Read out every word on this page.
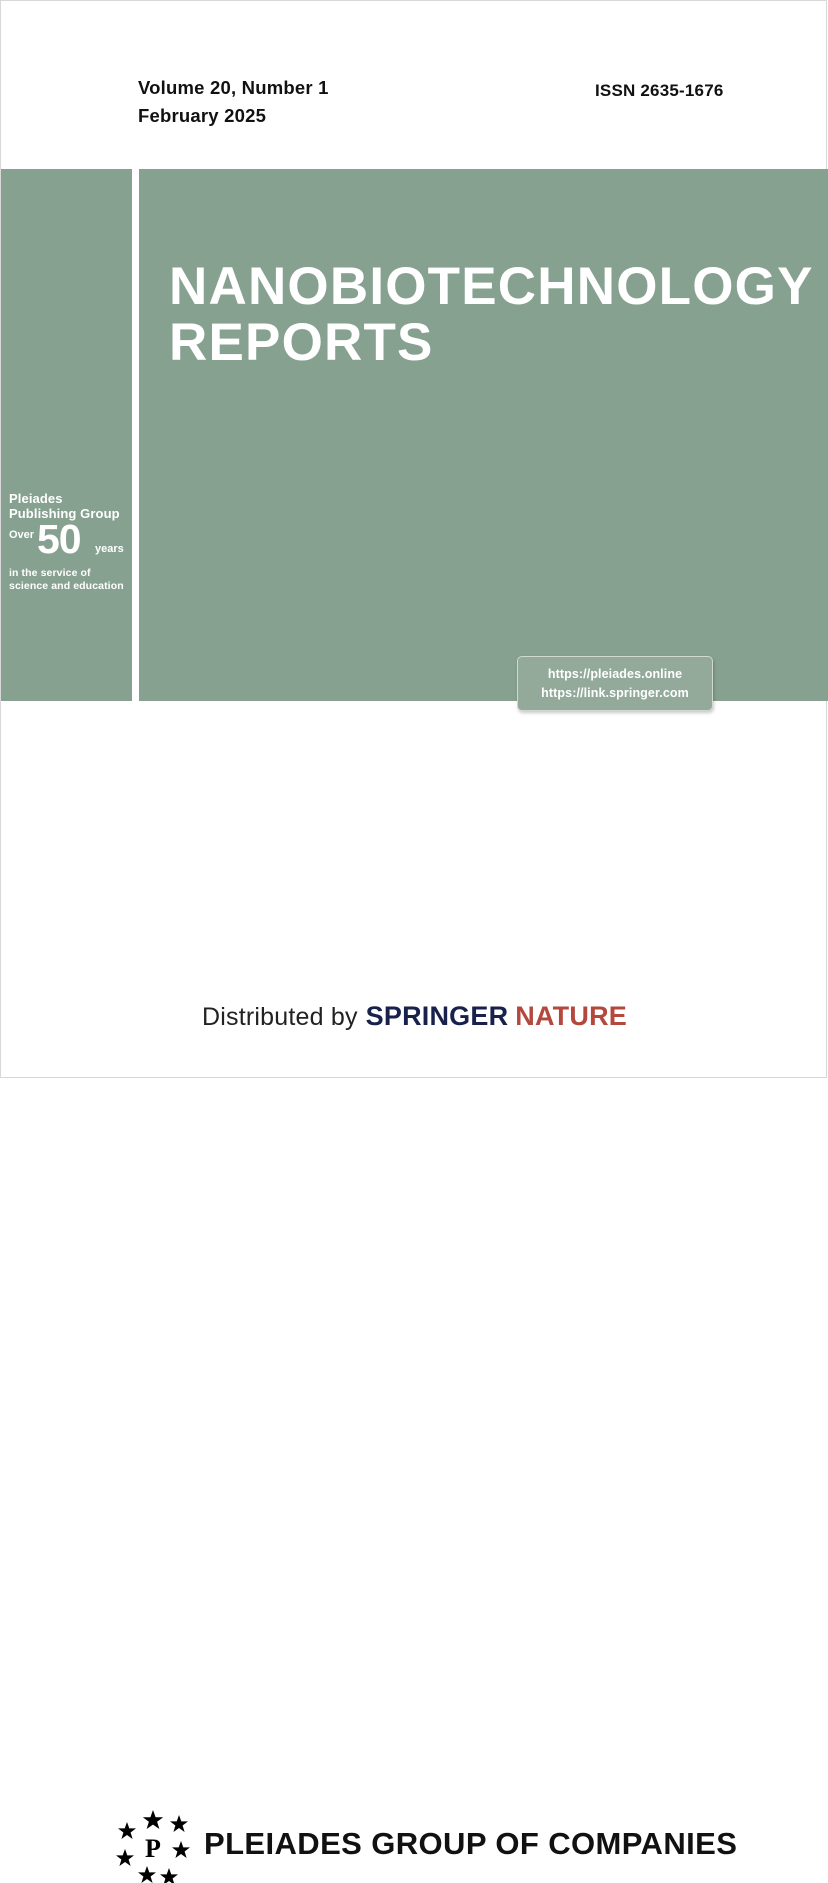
Volume 20, Number 1
February 2025
ISSN 2635-1676
NANOBIOTECHNOLOGY
REPORTS
Pleiades
Publishing Group
Over 50 years
in the service of
science and education
https://pleiades.online
https://link.springer.com
P PLEIADES GROUP OF COMPANIES
Distributed by SPRINGER NATURE
